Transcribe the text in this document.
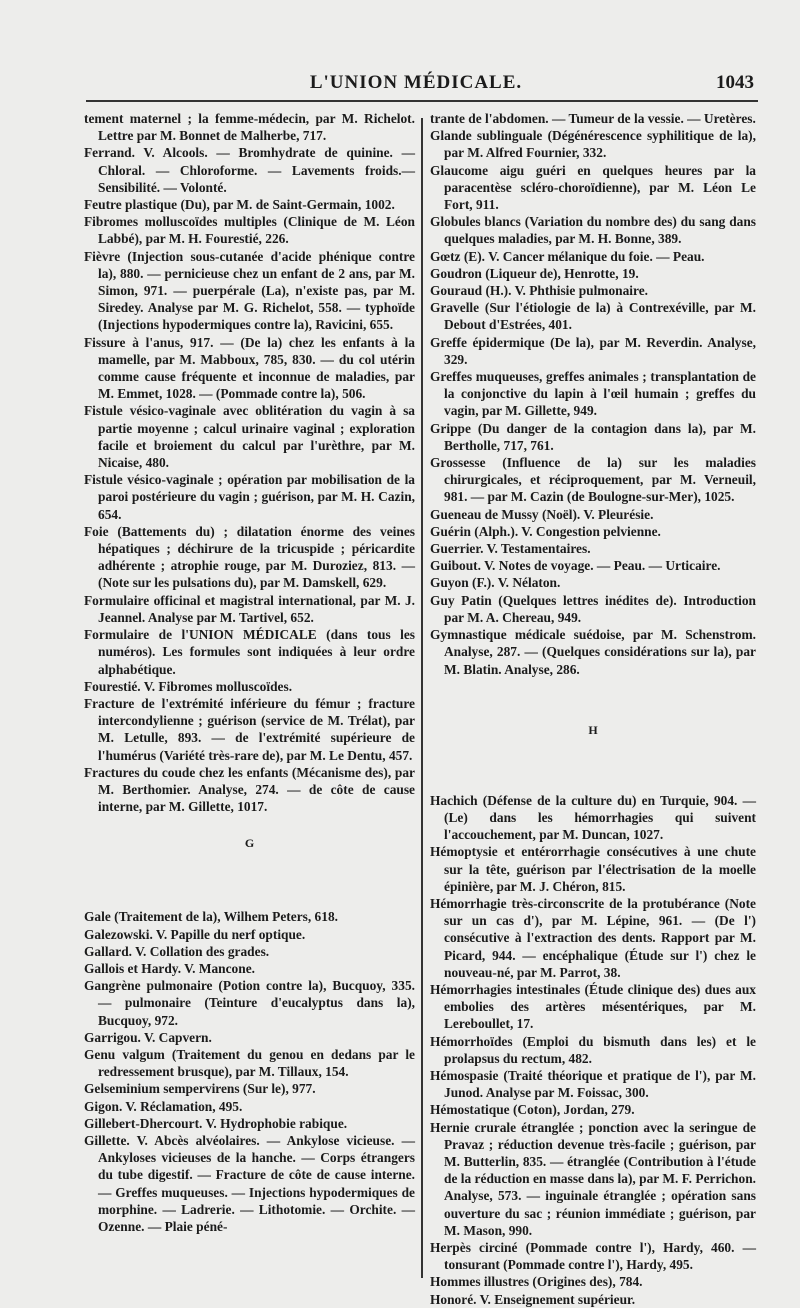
L'UNION MÉDICALE.	1043

tement maternel ; la femme-médecin, par M. Richelot. Lettre par M. Bonnet de Malherbe, 717.

Ferrand. V. Alcools. — Bromhydrate de quinine. — Chloral. — Chloroforme. — Lavements froids.— Sensibilité. — Volonté.

Feutre plastique (Du), par M. de Saint-Germain, 1002.

Fibromes molluscoïdes multiples (Clinique de M. Léon Labbé), par M. H. Fourestié, 226.

Fièvre (Injection sous-cutanée d'acide phénique contre la), 880. — pernicieuse chez un enfant de 2 ans, par M. Simon, 971. — puerpérale (La), n'existe pas, par M. Siredey. Analyse par M. G. Richelot, 558. — typhoïde (Injections hypodermiques contre la), Ravicini, 655.

Fissure à l'anus, 917. — (De la) chez les enfants à la mamelle, par M. Mabboux, 785, 830. — du col utérin comme cause fréquente et inconnue de maladies, par M. Emmet, 1028. — (Pommade contre la), 506.

Fistule vésico-vaginale avec oblitération du vagin à sa partie moyenne ; calcul urinaire vaginal ; exploration facile et broiement du calcul par l'urèthre, par M. Nicaise, 480.

Fistule vésico-vaginale ; opération par mobilisation de la paroi postérieure du vagin ; guérison, par M. H. Cazin, 654.

Foie (Battements du) ; dilatation énorme des veines hépatiques ; déchirure de la tricuspide ; péricardite adhérente ; atrophie rouge, par M. Duroziez, 813. — (Note sur les pulsations du), par M. Damskell, 629.

Formulaire officinal et magistral international, par M. J. Jeannel. Analyse par M. Tartivel, 652.

Formulaire de l'UNION MÉDICALE (dans tous les numéros). Les formules sont indiquées à leur ordre alphabétique.

Fourestié. V. Fibromes molluscoïdes.

Fracture de l'extrémité inférieure du fémur ; fracture intercondylienne ; guérison (service de M. Trélat), par M. Letulle, 893. — de l'extrémité supérieure de l'humérus (Variété très-rare de), par M. Le Dentu, 457.

Fractures du coude chez les enfants (Mécanisme des), par M. Berthomier. Analyse, 274. — de côte de cause interne, par M. Gillette, 1017.

G

Gale (Traitement de la), Wilhem Peters, 618.

Galezowski. V. Papille du nerf optique.

Gallard. V. Collation des grades.

Gallois et Hardy. V. Mancone.

Gangrène pulmonaire (Potion contre la), Bucquoy, 335. — pulmonaire (Teinture d'eucalyptus dans la), Bucquoy, 972.

Garrigou. V. Capvern.

Genu valgum (Traitement du genou en dedans par le redressement brusque), par M. Tillaux, 154.

Gelseminium sempervirens (Sur le), 977.

Gigon. V. Réclamation, 495.

Gillebert-Dhercourt. V. Hydrophobie rabique.

Gillette. V. Abcès alvéolaires. — Ankylose vicieuse. — Ankyloses vicieuses de la hanche. — Corps étrangers du tube digestif. — Fracture de côte de cause interne. — Greffes muqueuses. — Injections hypodermiques de morphine. — Ladrerie. — Lithotomie. — Orchite. — Ozenne. — Plaie péné-

trante de l'abdomen. — Tumeur de la vessie. — Uretères.

Glande sublinguale (Dégénérescence syphilitique de la), par M. Alfred Fournier, 332.

Glaucome aigu guéri en quelques heures par la paracentèse scléro-choroïdienne), par M. Léon Le Fort, 911.

Globules blancs (Variation du nombre des) du sang dans quelques maladies, par M. H. Bonne, 389.

Gœtz (E). V. Cancer mélanique du foie. — Peau.

Goudron (Liqueur de), Henrotte, 19.

Gouraud (H.). V. Phthisie pulmonaire.

Gravelle (Sur l'étiologie de la) à Contrexéville, par M. Debout d'Estrées, 401.

Greffe épidermique (De la), par M. Reverdin. Analyse, 329.

Greffes muqueuses, greffes animales ; transplantation de la conjonctive du lapin à l'œil humain ; greffes du vagin, par M. Gillette, 949.

Grippe (Du danger de la contagion dans la), par M. Bertholle, 717, 761.

Grossesse (Influence de la) sur les maladies chirurgicales, et réciproquement, par M. Verneuil, 981. — par M. Cazin (de Boulogne-sur-Mer), 1025.

Gueneau de Mussy (Noël). V. Pleurésie.

Guérin (Alph.). V. Congestion pelvienne.

Guerrier. V. Testamentaires.

Guibout. V. Notes de voyage. — Peau. — Urticaire.

Guyon (F.). V. Nélaton.

Guy Patin (Quelques lettres inédites de). Introduction par M. A. Chereau, 949.

Gymnastique médicale suédoise, par M. Schenstrom. Analyse, 287. — (Quelques considérations sur la), par M. Blatin. Analyse, 286.

H

Hachich (Défense de la culture du) en Turquie, 904. — (Le) dans les hémorrhagies qui suivent l'accouchement, par M. Duncan, 1027.

Hémoptysie et entérorrhagie consécutives à une chute sur la tête, guérison par l'électrisation de la moelle épinière, par M. J. Chéron, 815.

Hémorrhagie très-circonscrite de la protubérance (Note sur un cas d'), par M. Lépine, 961. — (De l') consécutive à l'extraction des dents. Rapport par M. Picard, 944. — encéphalique (Étude sur l') chez le nouveau-né, par M. Parrot, 38.

Hémorrhagies intestinales (Étude clinique des) dues aux embolies des artères mésentériques, par M. Lereboullet, 17.

Hémorrhoïdes (Emploi du bismuth dans les) et le prolapsus du rectum, 482.

Hémospasie (Traité théorique et pratique de l'), par M. Junod. Analyse par M. Foissac, 300.

Hémostatique (Coton), Jordan, 279.

Hernie crurale étranglée ; ponction avec la seringue de Pravaz ; réduction devenue très-facile ; guérison, par M. Butterlin, 835. — étranglée (Contribution à l'étude de la réduction en masse dans la), par M. F. Perrichon. Analyse, 573. — inguinale étranglée ; opération sans ouverture du sac ; réunion immédiate ; guérison, par M. Mason, 990.

Herpès circiné (Pommade contre l'), Hardy, 460. — tonsurant (Pommade contre l'), Hardy, 495.

Hommes illustres (Origines des), 784.

Honoré. V. Enseignement supérieur.
